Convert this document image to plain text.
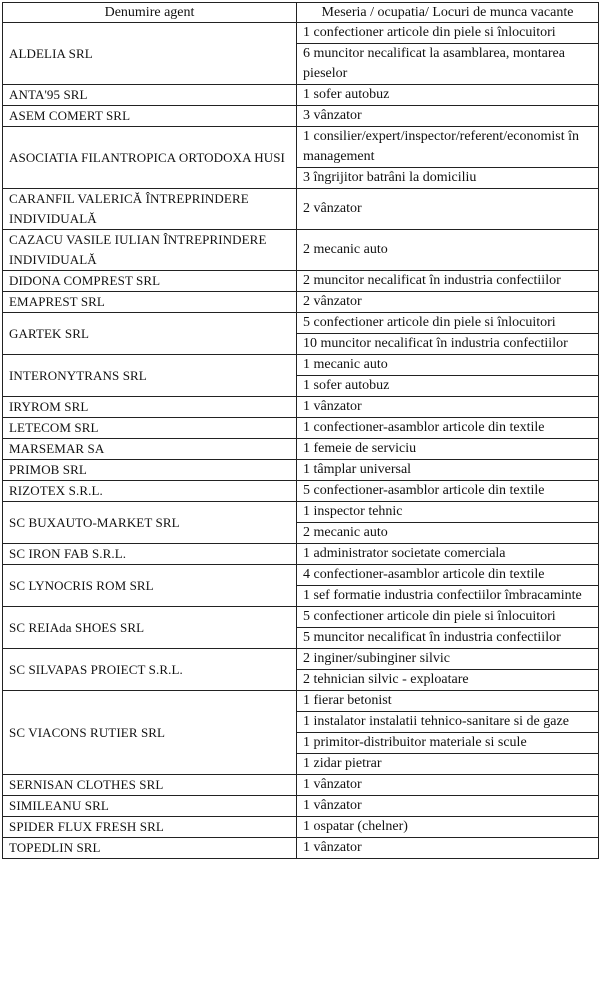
Denumire agent	Meseria / ocupatia/ Locuri de munca vacante
ALDELIA SRL	1 confectioner articole din piele si înlocuitori
	6 muncitor necalificat la asamblarea, montarea pieselor
ANTA'95 SRL	1 sofer autobuz
ASEM COMERT SRL	3 vânzator
ASOCIATIA FILANTROPICA ORTODOXA HUSI	1 consilier/expert/inspector/referent/economist în management
	3 îngrijitor batrâni la domiciliu
CARANFIL VALERICĂ ÎNTREPRINDERE INDIVIDUALĂ	2 vânzator
CAZACU VASILE IULIAN ÎNTREPRINDERE INDIVIDUALĂ	2 mecanic auto
DIDONA COMPREST SRL	2 muncitor necalificat în industria confectiilor
EMAPREST SRL	2 vânzator
GARTEK SRL	5 confectioner articole din piele si înlocuitori
	10 muncitor necalificat în industria confectiilor
INTERONYTRANS SRL	1 mecanic auto
	1 sofer autobuz
IRYROM SRL	1 vânzator
LETECOM SRL	1 confectioner-asamblor articole din textile
MARSEMAR SA	1 femeie de serviciu
PRIMOB SRL	1 tâmplar universal
RIZOTEX S.R.L.	5 confectioner-asamblor articole din textile
SC BUXAUTO-MARKET SRL	1 inspector tehnic
	2 mecanic auto
SC IRON FAB S.R.L.	1 administrator societate comerciala
SC LYNOCRIS ROM SRL	4 confectioner-asamblor articole din textile
	1 sef formatie industria confectiilor îmbracaminte
SC REIAda SHOES SRL	5 confectioner articole din piele si înlocuitori
	5 muncitor necalificat în industria confectiilor
SC SILVAPAS PROIECT S.R.L.	2 inginer/subinginer silvic
	2 tehnician silvic - exploatare
SC VIACONS RUTIER SRL	1 fierar betonist
	1 instalator instalatii tehnico-sanitare si de gaze
	1 primitor-distribuitor materiale si scule
	1 zidar pietrar
SERNISAN CLOTHES SRL	1 vânzator
SIMILEANU SRL	1 vânzator
SPIDER FLUX FRESH SRL	1 ospatar (chelner)
TOPEDLIN SRL	1 vânzator
